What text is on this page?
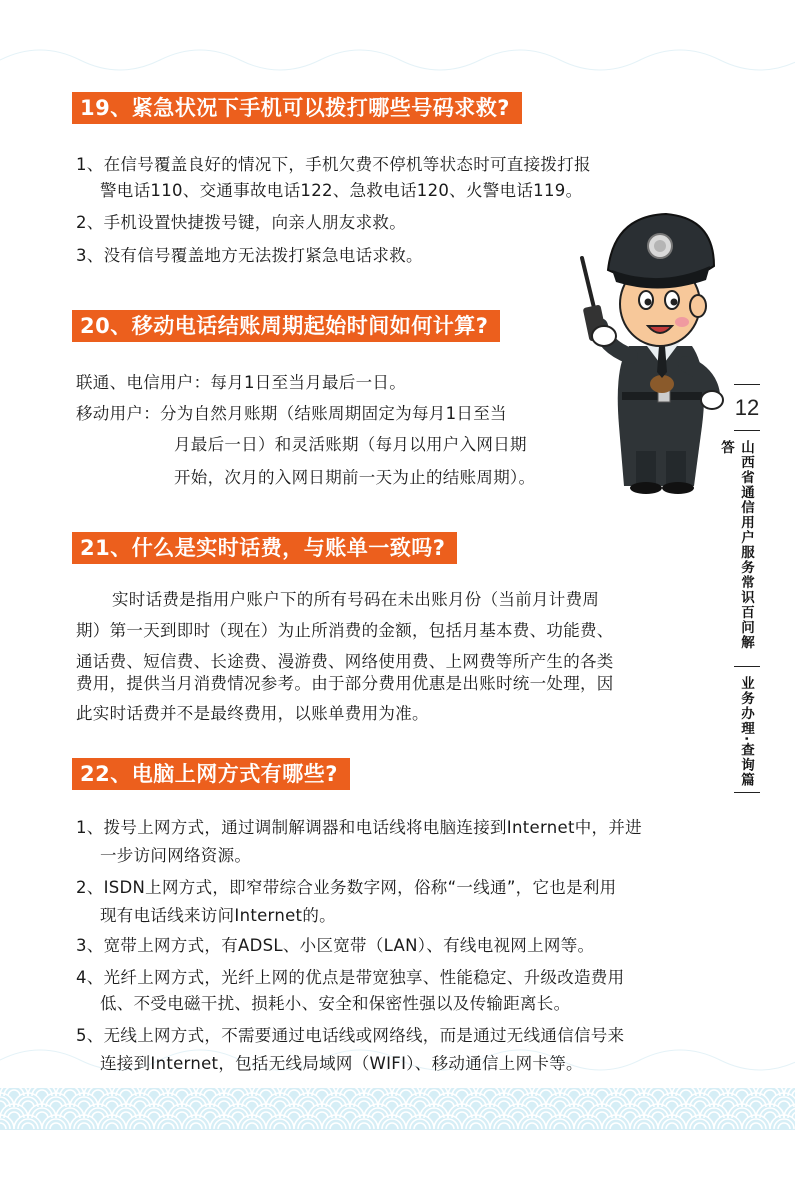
19、紧急状况下手机可以拨打哪些号码求救?
1、在信号覆盖良好的情况下，手机欠费不停机等状态时可直接拨打报
警电话110、交通事故电话122、急救电话120、火警电话119。
2、手机设置快捷拨号键，向亲人朋友求救。
3、没有信号覆盖地方无法拨打紧急电话求救。
20、移动电话结账周期起始时间如何计算?
联通、电信用户：每月1日至当月最后一日。
移动用户：分为自然月账期（结账周期固定为每月1日至当
月最后一日）和灵活账期（每月以用户入网日期
开始，次月的入网日期前一天为止的结账周期）。
21、什么是实时话费，与账单一致吗?
实时话费是指用户账户下的所有号码在未出账月份（当前月计费周
期）第一天到即时（现在）为止所消费的金额，包括月基本费、功能费、
通话费、短信费、长途费、漫游费、网络使用费、上网费等所产生的各类
费用，提供当月消费情况参考。由于部分费用优惠是出账时统一处理，因
此实时话费并不是最终费用，以账单费用为准。
22、电脑上网方式有哪些?
1、拨号上网方式，通过调制解调器和电话线将电脑连接到Internet中，并进
一步访问网络资源。
2、ISDN上网方式，即窄带综合业务数字网，俗称“一线通”，它也是利用
现有电话线来访问Internet的。
3、宽带上网方式，有ADSL、小区宽带（LAN）、有线电视网上网等。
4、光纤上网方式，光纤上网的优点是带宽独享、性能稳定、升级改造费用
低、不受电磁干扰、损耗小、安全和保密性强以及传输距离长。
5、无线上网方式，不需要通过电话线或网络线，而是通过无线通信信号来
连接到Internet，包括无线局域网（WIFI）、移动通信上网卡等。
12
山西省通信用户服务常识百问解答
业务办理·查询篇
